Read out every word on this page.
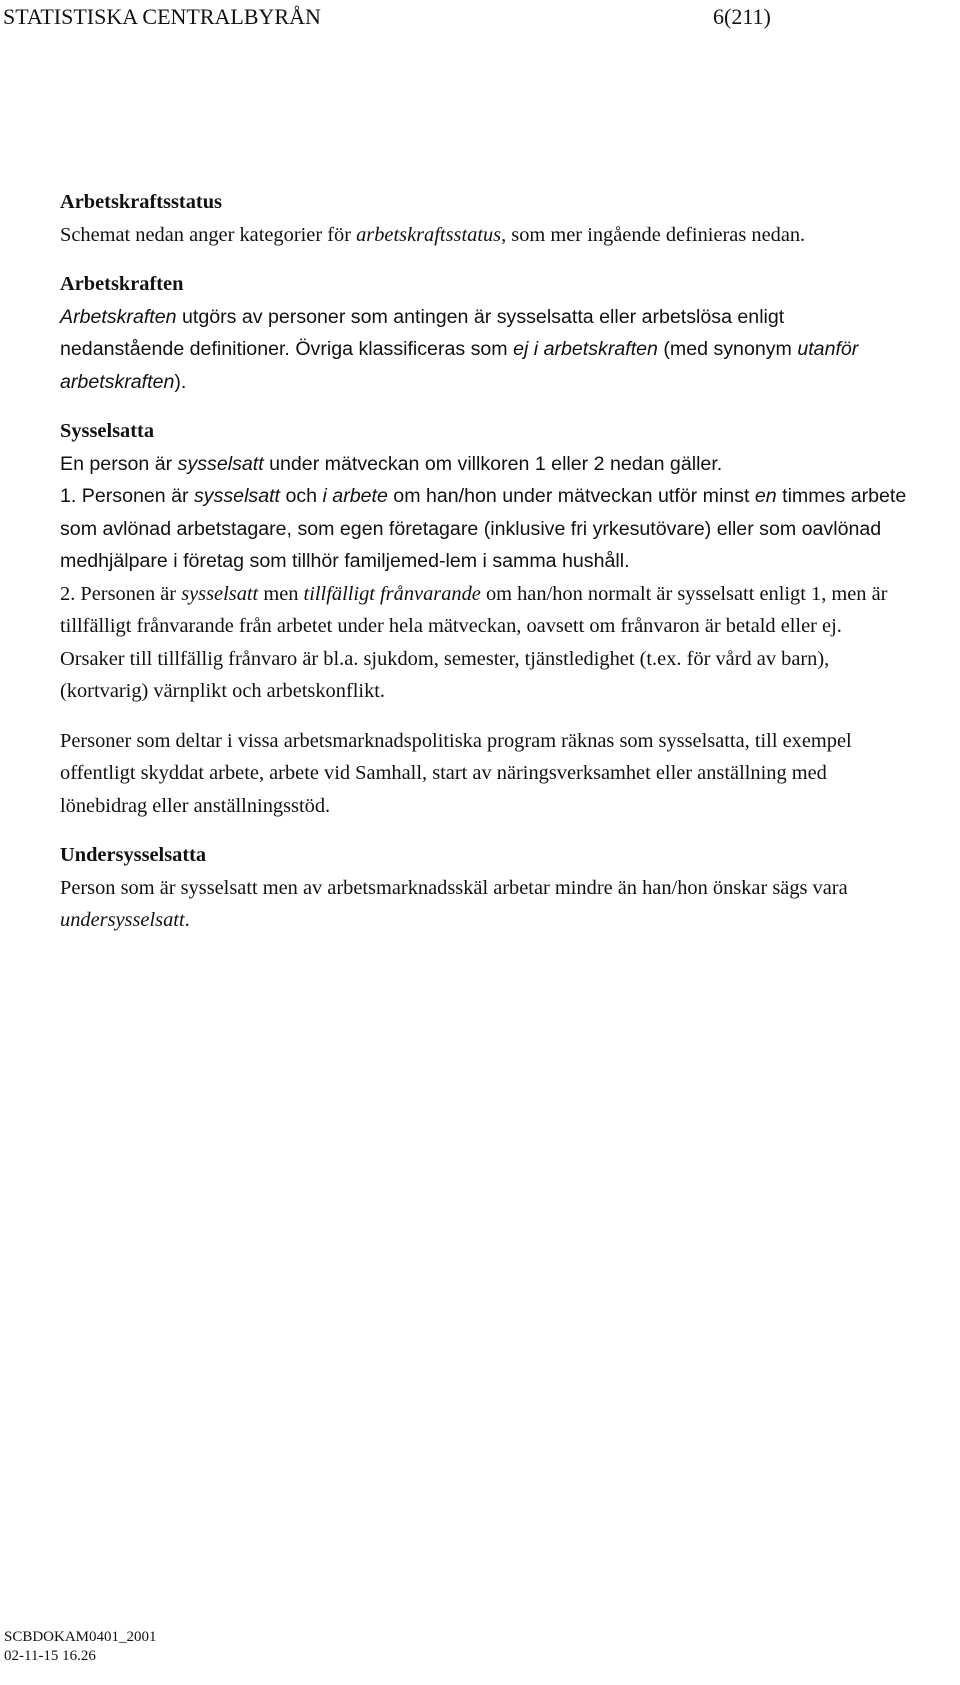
STATISTISKA CENTRALBYRÅN	6(211)
Arbetskraftsstatus

Schemat nedan anger kategorier för arbetskraftsstatus, som mer ingående definieras nedan.

Arbetskraften

Arbetskraften utgörs av personer som antingen är sysselsatta eller arbetslösa enligt nedanstående definitioner. Övriga klassificeras som ej i arbetskraften (med synonym utanför arbetskraften).

Sysselsatta

En person är sysselsatt under mätveckan om villkoren 1 eller 2 nedan gäller.

1. Personen är sysselsatt och i arbete om han/hon under mätveckan utför minst en timmes arbete som avlönad arbetstagare, som egen företagare (inklusive fri yrkesutövare) eller som oavlönad medhjälpare i företag som tillhör familjemed-lem i samma hushåll.

2. Personen är sysselsatt men tillfälligt frånvarande om han/hon normalt är sysselsatt enligt 1, men är tillfälligt frånvarande från arbetet under hela mätveckan, oavsett om frånvaron är betald eller ej. Orsaker till tillfällig frånvaro är bl.a. sjukdom, semester, tjänstledighet (t.ex. för vård av barn), (kortvarig) värnplikt och arbetskonflikt.

Personer som deltar i vissa arbetsmarknadspolitiska program räknas som sysselsatta, till exempel offentligt skyddat arbete, arbete vid Samhall, start av näringsverksamhet eller anställning med lönebidrag eller anställningsstöd.

Undersysselsatta

Person som är sysselsatt men av arbetsmarknadsskäl arbetar mindre än han/hon önskar sägs vara undersysselsatt.

SCBDOKAM0401_2001
02-11-15 16.26
